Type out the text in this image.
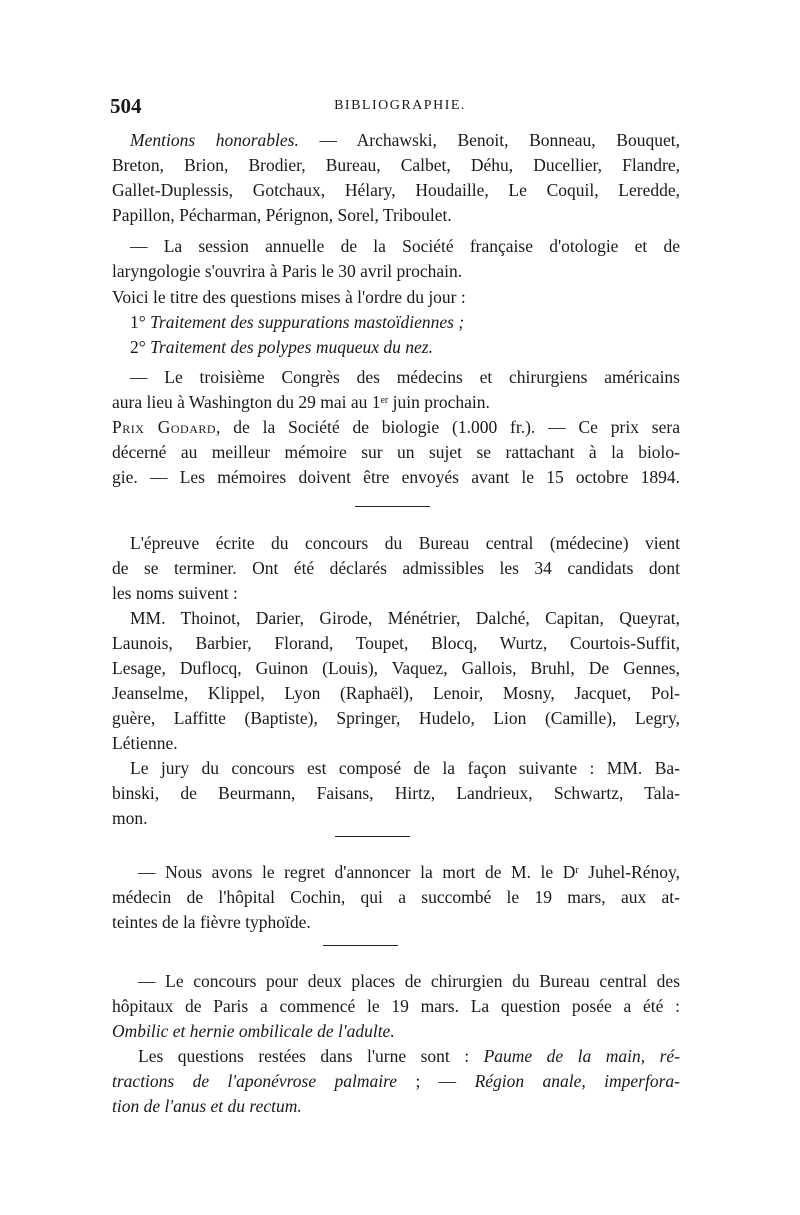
504	BIBLIOGRAPHIE.
Mentions honorables. — Archawski, Benoit, Bonneau, Bouquet,
Breton, Brion, Brodier, Bureau, Calbet, Déhu, Ducellier, Flandre,
Gallet-Duplessis, Gotchaux, Hélary, Houdaille, Le Coquil, Leredde,
Papillon, Pécharman, Pérignon, Sorel, Triboulet.
— La session annuelle de la Société française d'otologie et de
laryngologie s'ouvrira à Paris le 30 avril prochain.
Voici le titre des questions mises à l'ordre du jour :
1° Traitement des suppurations mastoïdiennes ;
2° Traitement des polypes muqueux du nez.
— Le troisième Congrès des médecins et chirurgiens américains
aura lieu à Washington du 29 mai au 1er juin prochain.
Prix Godard, de la Société de biologie (1.000 fr.). — Ce prix sera
décerné au meilleur mémoire sur un sujet se rattachant à la biolo-
gie. — Les mémoires doivent être envoyés avant le 15 octobre 1894.
L'épreuve écrite du concours du Bureau central (médecine) vient
de se terminer. Ont été déclarés admissibles les 34 candidats dont
les noms suivent :
MM. Thoinot, Darier, Girode, Ménétrier, Dalché, Capitan, Queyrat,
Launois, Barbier, Florand, Toupet, Blocq, Wurtz, Courtois-Suffit,
Lesage, Duflocq, Guinon (Louis), Vaquez, Gallois, Bruhl, De Gennes,
Jeanselme, Klippel, Lyon (Raphaël), Lenoir, Mosny, Jacquet, Pol-
guère, Laffitte (Baptiste), Springer, Hudelo, Lion (Camille), Legry,
Létienne.
Le jury du concours est composé de la façon suivante : MM. Ba-
binski, de Beurmann, Faisans, Hirtz, Landrieux, Schwartz, Tala-
mon.
— Nous avons le regret d'annoncer la mort de M. le $D^r$ Juhel-Rénoy,
médecin de l'hôpital Cochin, qui a succombé le 19 mars, aux at-
teintes de la fièvre typhoïde.
— Le concours pour deux places de chirurgien du Bureau central des
hôpitaux de Paris a commencé le 19 mars. La question posée a été :
Ombilic et hernie ombilicale de l'adulte.
Les questions restées dans l'urne sont : Paume de la main, ré-
tractions de l'aponévrose palmaire ; — Région anale, imperfora-
tion de l'anus et du rectum.
